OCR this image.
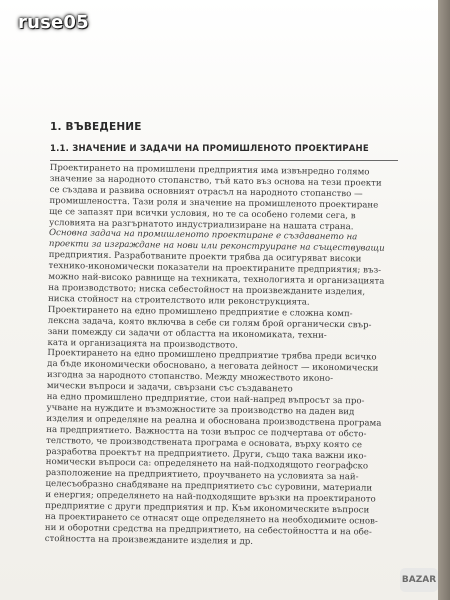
ruse05
1. ВЪВЕДЕНИЕ
1.1. ЗНАЧЕНИЕ И ЗАДАЧИ НА ПРОМИШЛЕНОТО ПРОЕКТИРАНЕ
Проектирането на промишлени предприятия има извънредно голямо
значение за народното стопанство, тъй като въз основа на тези проекти
се създава и развива основният отрасъл на народното стопанство —
промишлеността. Тази роля и значение на промишленото проектиране
ще се запазят при всички условия, но те са особено големи сега, в
условията на разгърнатото индустриализиране на нашата страна.
Основна задача на промишленото проектиране е създаването на
проекти за изграждане на нови или реконструиране на съществуващи
предприятия. Разработваните проекти трябва да осигуряват високи
технико-икономически показатели на проектираните предприятия; въз-
можно най-високо равнище на техниката, технологията и организацията
на производството; ниска себестойност на произвежданите изделия,
ниска стойност на строителството или реконструкцията.
Проектирането на едно промишлено предприятие е сложна комп-
лексна задача, която включва в себе си голям брой органически свър-
зани помежду си задачи от областта на икономиката, техни-
ката и организацията на производството.
Проектирането на едно промишлено предприятие трябва преди всичко
да бъде икономически обосновано, а неговата дейност — икономически
изгодна за народното стопанство. Между множеството иконо-
мически въпроси и задачи, свързани със създаването
на едно промишлено предприятие, стои най-напред въпросът за про-
учване на нуждите и възможностите за производство на даден вид
изделия и определяне на реална и обоснована производствена програма
на предприятието. Важността на този въпрос се подчертава от обсто-
телството, че производствената програма е основата, върху която се
разработва проектът на предприятието. Други, също така важни ико-
номически въпроси са: определянето на най-подходящото географско
разположение на предприятието, проучването на условията за най-
целесъобразно снабдяване на предприятието със суровини, материали
и енергия; определянето на най-подходящите връзки на проектираното
предприятие с други предприятия и пр. Към икономическите въпроси
на проектирането се отнасят още определянето на необходимите основ-
ни и оборотни средства на предприятието, на себестойността и на обе-
стойността на произвежданите изделия и др.
BAZAR
